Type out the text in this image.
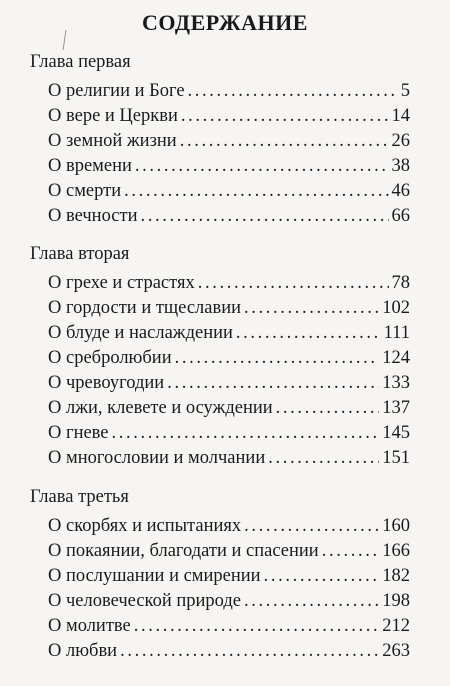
СОДЕРЖАНИЕ
Глава первая
О религии и Боге . . .	5
О вере и Церкви . . .	14
О земной жизни . . .	26
О времени . . .	38
О смерти . . .	46
О вечности . . .	66
Глава вторая
О грехе и страстях . . .	78
О гордости и тщеславии . . .	102
О блуде и наслаждении . . .	111
О сребролюбии . . .	124
О чревоугодии . . .	133
О лжи, клевете и осуждении . . .	137
О гневе . . .	145
О многословии и молчании . . .	151
Глава третья
О скорбях и испытаниях . . .	160
О покаянии, благодати и спасении . . .	166
О послушании и смирении . . .	182
О человеческой природе . . .	198
О молитве . . .	212
О любви . . .	263
